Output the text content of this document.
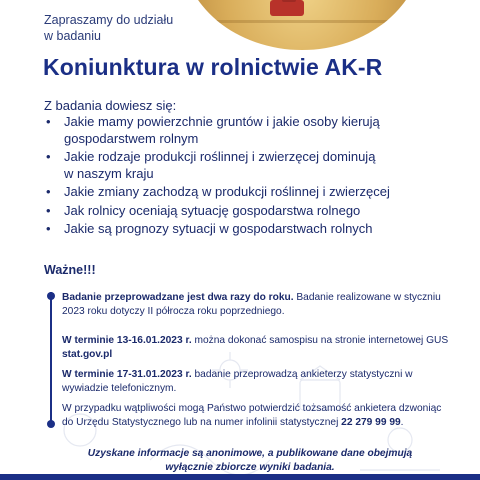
Zapraszamy do udziału
w badaniu
Koniunktura w rolnictwie AK-R
Z badania dowiesz się:
• Jakie mamy powierzchnie gruntów i jakie osoby kierują
gospodarstwem rolnym
• Jakie rodzaje produkcji roślinnej i zwierzęcej dominują
w naszym kraju
• Jakie zmiany zachodzą w produkcji roślinnej i zwierzęcej
• Jak rolnicy oceniają sytuację gospodarstwa rolnego
• Jakie są prognozy sytuacji w gospodarstwach rolnych
Ważne!!!
Badanie przeprowadzane jest dwa razy do roku. Badanie realizowane w styczniu 2023 roku dotyczy II półrocza roku poprzedniego.
W terminie 13-16.01.2023 r. można dokonać samospisu na stronie internetowej GUS stat.gov.pl
W terminie 17-31.01.2023 r. badanie przeprowadzą ankieterzy statystyczni w wywiadzie telefonicznym.
W przypadku wątpliwości mogą Państwo potwierdzić tożsamość ankietera dzwoniąc do Urzędu Statystycznego lub na numer infolinii statystycznej 22 279 99 99.
Uzyskane informacje są anonimowe, a publikowane dane obejmują
wyłącznie zbiorcze wyniki badania.
